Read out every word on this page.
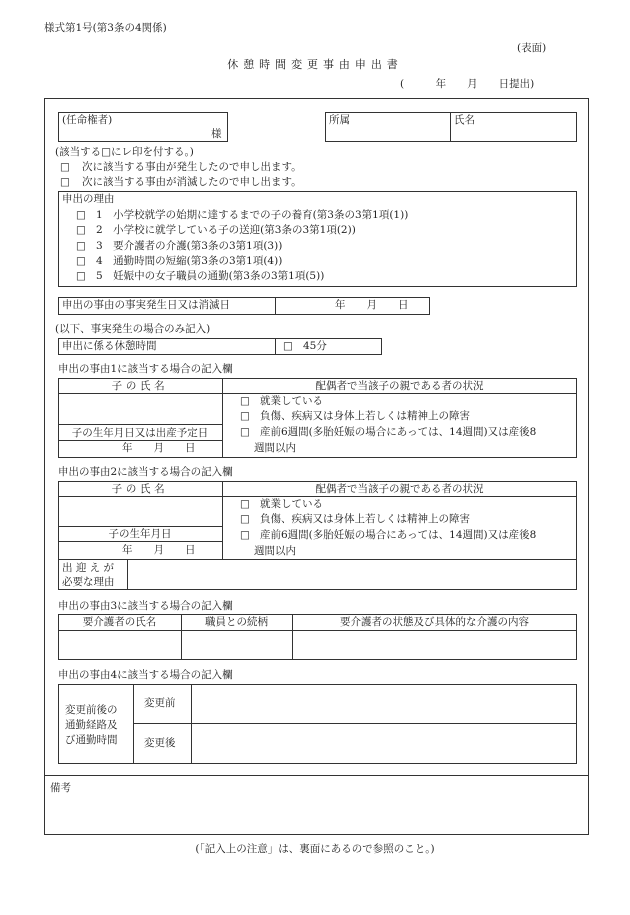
様式第1号(第3条の4関係)
(表面)
休憩時間変更事由申出書
(　　　年　　月　　日提出)
(任命権者)
様
所属	氏名
(該当する□にレ印を付する。)
□ 次に該当する事由が発生したので申し出ます。
□ 次に該当する事由が消滅したので申し出ます。
申出の理由
□ 1　小学校就学の始期に達するまでの子の養育(第3条の3第1項(1))
□ 2　小学校に就学している子の送迎(第3条の3第1項(2))
□ 3　要介護者の介護(第3条の3第1項(3))
□ 4　通勤時間の短縮(第3条の3第1項(4))
□ 5　妊娠中の女子職員の通勤(第3条の3第1項(5))
申出の事由の事実発生日又は消滅日	年　　月　　日
(以下、事実発生の場合のみ記入)
申出に係る休憩時間	□ 45分
申出の事由1に該当する場合の記入欄
子の氏名	配偶者で当該子の親である者の状況
子の生年月日又は出産予定日
年　　月　　日
□ 就業している
□ 負傷、疾病又は身体上若しくは精神上の障害
□ 産前6週間(多胎妊娠の場合にあっては、14週間)又は産後8
週間以内
申出の事由2に該当する場合の記入欄
子の氏名	配偶者で当該子の親である者の状況
子の生年月日
年　　月　　日
□ 就業している
□ 負傷、疾病又は身体上若しくは精神上の障害
□ 産前6週間(多胎妊娠の場合にあっては、14週間)又は産後8
週間以内
出 迎 え が
必要な理由
申出の事由3に該当する場合の記入欄
要介護者の氏名	職員との続柄	要介護者の状態及び具体的な介護の内容
申出の事由4に該当する場合の記入欄
変更前後の
通勤経路及
び通勤時間
変更前
変更後
備考
(「記入上の注意」は、裏面にあるので参照のこと。)
